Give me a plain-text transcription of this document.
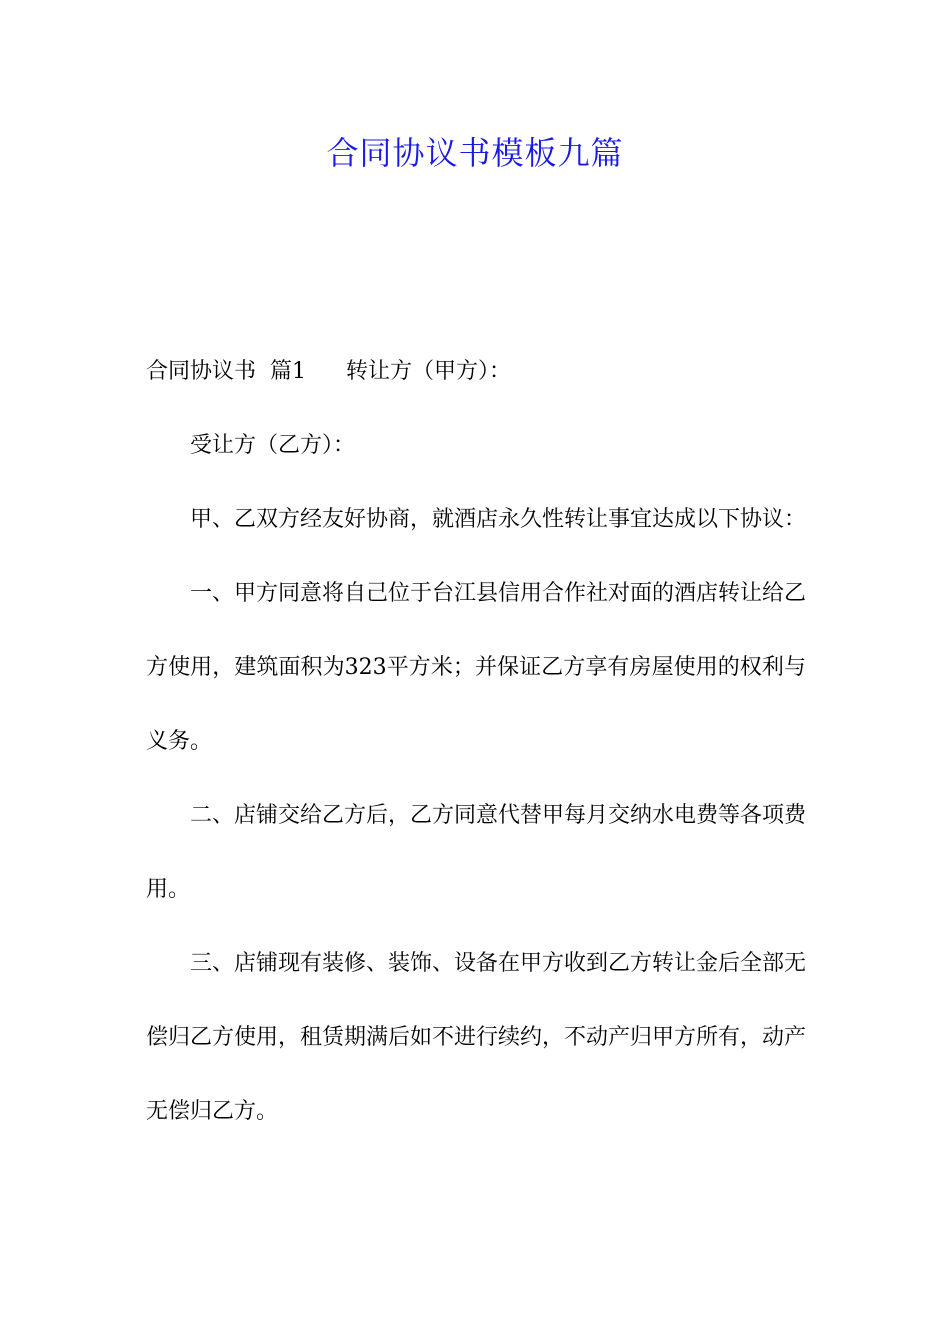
合同协议书模板九篇

合同协议书 篇1 转让方（甲方）：

受让方（乙方）：

甲、乙双方经友好协商，就酒店永久性转让事宜达成以下协议：

一、甲方同意将自己位于台江县信用合作社对面的酒店转让给乙方使用，建筑面积为323平方米；并保证乙方享有房屋使用的权利与义务。

二、店铺交给乙方后，乙方同意代替甲每月交纳水电费等各项费用。

三、店铺现有装修、装饰、设备在甲方收到乙方转让金后全部无偿归乙方使用，租赁期满后如不进行续约，不动产归甲方所有，动产无偿归乙方。
